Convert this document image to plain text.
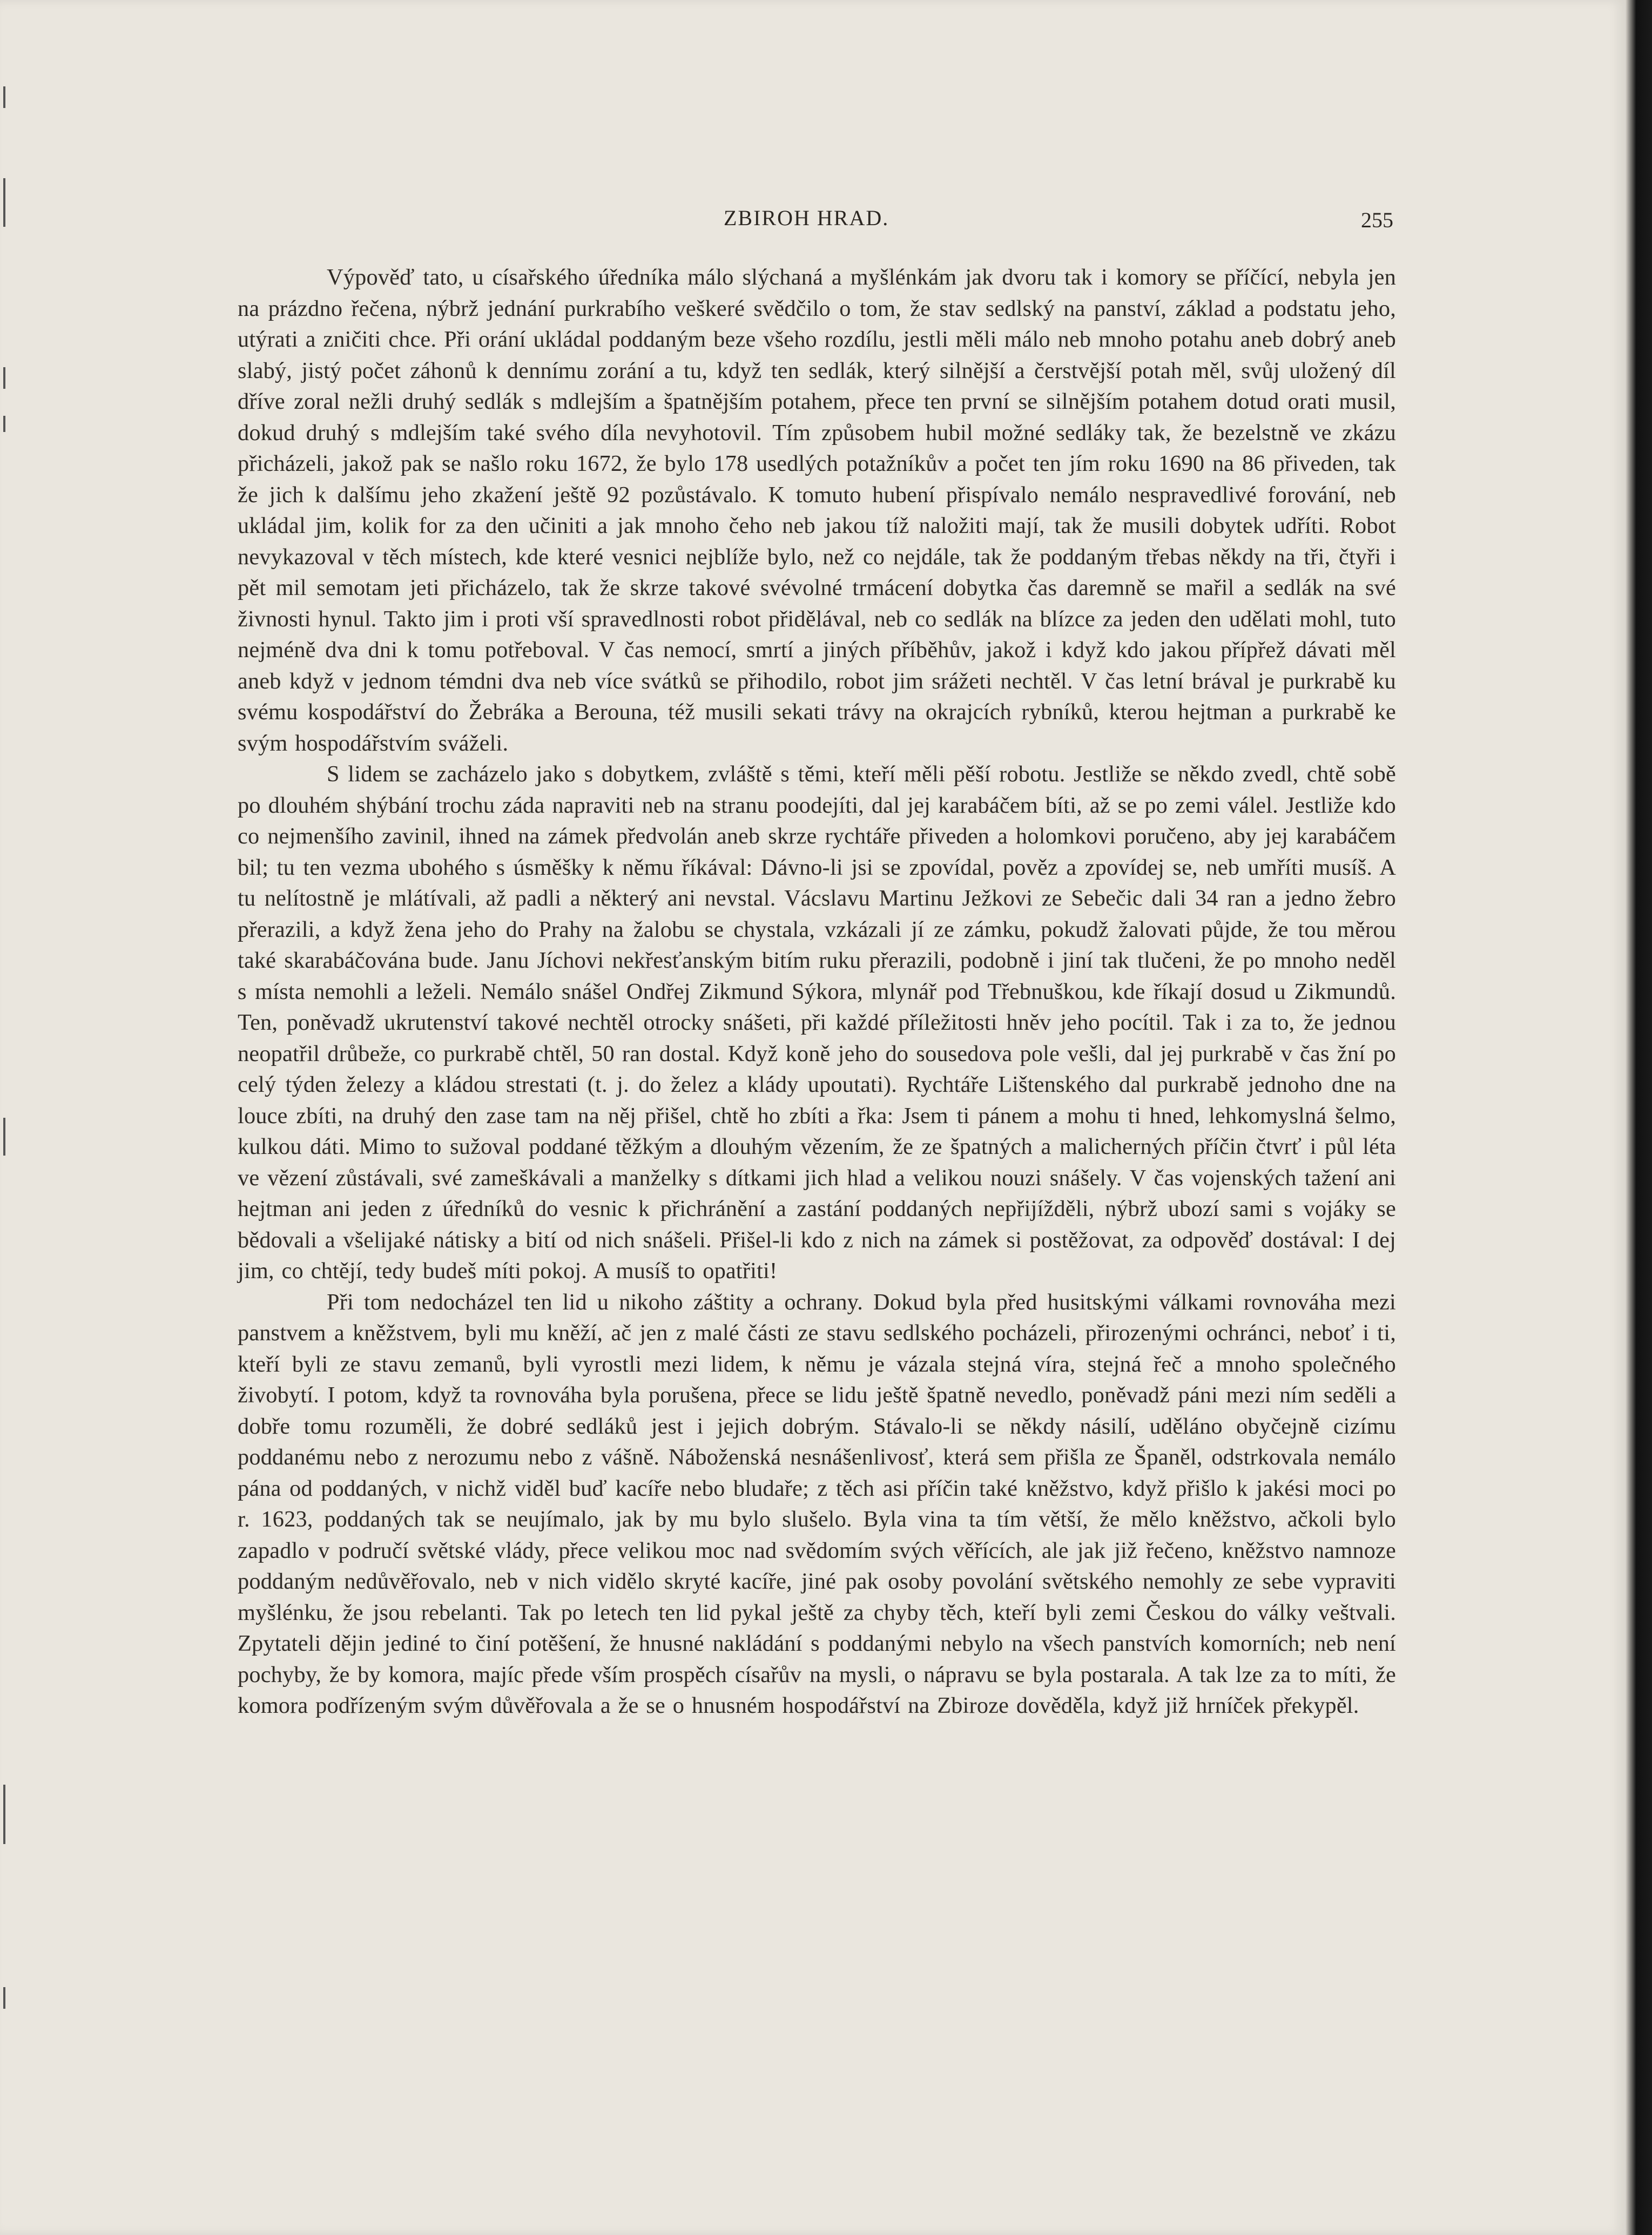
ZBIROH HRAD.	255

Výpověď tato, u císařského úředníka málo slýchaná a myšlénkám jak dvoru tak i komory se příčící, nebyla jen na prázdno řečena, nýbrž jednání purkrabího veškeré svědčilo o tom, že stav sedlský na panství, základ a podstatu jeho, utýrati a zničiti chce. Při orání ukládal poddaným beze všeho rozdílu, jestli měli málo neb mnoho potahu aneb dobrý aneb slabý, jistý počet záhonů k dennímu zorání a tu, když ten sedlák, který silnější a čerstvější potah měl, svůj uložený díl dříve zoral nežli druhý sedlák s mdlejším a špatnějším potahem, přece ten první se silnějším potahem dotud orati musil, dokud druhý s mdlejším také svého díla nevyhotovil. Tím způsobem hubil možné sedláky tak, že bezelstně ve zkázu přicházeli, jakož pak se našlo roku 1672, že bylo 178 usedlých potažníkův a počet ten jím roku 1690 na 86 přiveden, tak že jich k dalšímu jeho zkažení ještě 92 pozůstávalo. K tomuto hubení přispívalo nemálo nespravedlivé forování, neb ukládal jim, kolik for za den učiniti a jak mnoho čeho neb jakou tíž naložiti mají, tak že musili dobytek udříti. Robot nevykazoval v těch místech, kde které vesnici nejblíže bylo, než co nejdále, tak že poddaným třebas někdy na tři, čtyři i pět mil semotam jeti přicházelo, tak že skrze takové svévolné trmácení dobytka čas daremně se mařil a sedlák na své živnosti hynul. Takto jim i proti vší spravedlnosti robot přidělával, neb co sedlák na blízce za jeden den udělati mohl, tuto nejméně dva dni k tomu potřeboval. V čas nemocí, smrtí a jiných příběhův, jakož i když kdo jakou přípřež dávati měl aneb když v jednom témdni dva neb více svátků se přihodilo, robot jim srážeti nechtěl. V čas letní brával je purkrabě ku svému kospodářství do Žebráka a Berouna, též musili sekati trávy na okrajcích rybníků, kterou hejtman a purkrabě ke svým hospodářstvím sváželi.

S lidem se zacházelo jako s dobytkem, zvláště s těmi, kteří měli pěší robotu. Jestliže se někdo zvedl, chtě sobě po dlouhém shýbání trochu záda napraviti neb na stranu poodejíti, dal jej karabáčem bíti, až se po zemi válel. Jestliže kdo co nejmenšího zavinil, ihned na zámek předvolán aneb skrze rychtáře přiveden a holomkovi poručeno, aby jej karabáčem bil; tu ten vezma ubohého s úsměšky k němu říkával: Dávno-li jsi se zpovídal, pověz a zpovídej se, neb umříti musíš. A tu nelítostně je mlátívali, až padli a některý ani nevstal. Vácslavu Martinu Ježkovi ze Sebečic dali 34 ran a jedno žebro přerazili, a když žena jeho do Prahy na žalobu se chystala, vzkázali jí ze zámku, pokudž žalovati půjde, že tou měrou také skarabáčována bude. Janu Jíchovi nekřesťanským bitím ruku přerazili, podobně i jiní tak tlučeni, že po mnoho neděl s místa nemohli a leželi. Nemálo snášel Ondřej Zikmund Sýkora, mlynář pod Třebnuškou, kde říkají dosud u Zikmundů. Ten, poněvadž ukrutenství takové nechtěl otrocky snášeti, při každé příležitosti hněv jeho pocítil. Tak i za to, že jednou neopatřil drůbeže, co purkrabě chtěl, 50 ran dostal. Když koně jeho do sousedova pole vešli, dal jej purkrabě v čas žní po celý týden železy a kládou strestati (t. j. do želez a klády upoutati). Rychtáře Lištenského dal purkrabě jednoho dne na louce zbíti, na druhý den zase tam na něj přišel, chtě ho zbíti a řka: Jsem ti pánem a mohu ti hned, lehkomyslná šelmo, kulkou dáti. Mimo to sužoval poddané těžkým a dlouhým vězením, že ze špatných a malicherných příčin čtvrť i půl léta ve vězení zůstávali, své zameškávali a manželky s dítkami jich hlad a velikou nouzi snášely. V čas vojenských tažení ani hejtman ani jeden z úředníků do vesnic k přichránění a zastání poddaných nepřijížděli, nýbrž ubozí sami s vojáky se bědovali a všelijaké nátisky a bití od nich snášeli. Přišel-li kdo z nich na zámek si postěžovat, za odpověď dostával: I dej jim, co chtějí, tedy budeš míti pokoj. A musíš to opatřiti!

Při tom nedocházel ten lid u nikoho záštity a ochrany. Dokud byla před husitskými válkami rovnováha mezi panstvem a kněžstvem, byli mu kněží, ač jen z malé části ze stavu sedlského pocházeli, přirozenými ochránci, neboť i ti, kteří byli ze stavu zemanů, byli vyrostli mezi lidem, k němu je vázala stejná víra, stejná řeč a mnoho společného živobytí. I potom, když ta rovnováha byla porušena, přece se lidu ještě špatně nevedlo, poněvadž páni mezi ním seděli a dobře tomu rozuměli, že dobré sedláků jest i jejich dobrým. Stávalo-li se někdy násilí, uděláno obyčejně cizímu poddanému nebo z nerozumu nebo z vášně. Náboženská nesnášenlivosť, která sem přišla ze Španěl, odstrkovala nemálo pána od poddaných, v nichž viděl buď kacíře nebo bludaře; z těch asi příčin také kněžstvo, když přišlo k jakési moci po r. 1623, poddaných tak se neujímalo, jak by mu bylo slušelo. Byla vina ta tím větší, že mělo kněžstvo, ačkoli bylo zapadlo v područí světské vlády, přece velikou moc nad svědomím svých věřících, ale jak již řečeno, kněžstvo namnoze poddaným nedůvěřovalo, neb v nich vidělo skryté kacíře, jiné pak osoby povolání světského nemohly ze sebe vypraviti myšlénku, že jsou rebelanti. Tak po letech ten lid pykal ještě za chyby těch, kteří byli zemi Českou do války veštvali. Zpytateli dějin jediné to činí potěšení, že hnusné nakládání s poddanými nebylo na všech panstvích komorních; neb není pochyby, že by komora, majíc přede vším prospěch císařův na mysli, o nápravu se byla postarala. A tak lze za to míti, že komora podřízeným svým důvěřovala a že se o hnusném hospodářství na Zbiroze dověděla, když již hrníček překypěl.
